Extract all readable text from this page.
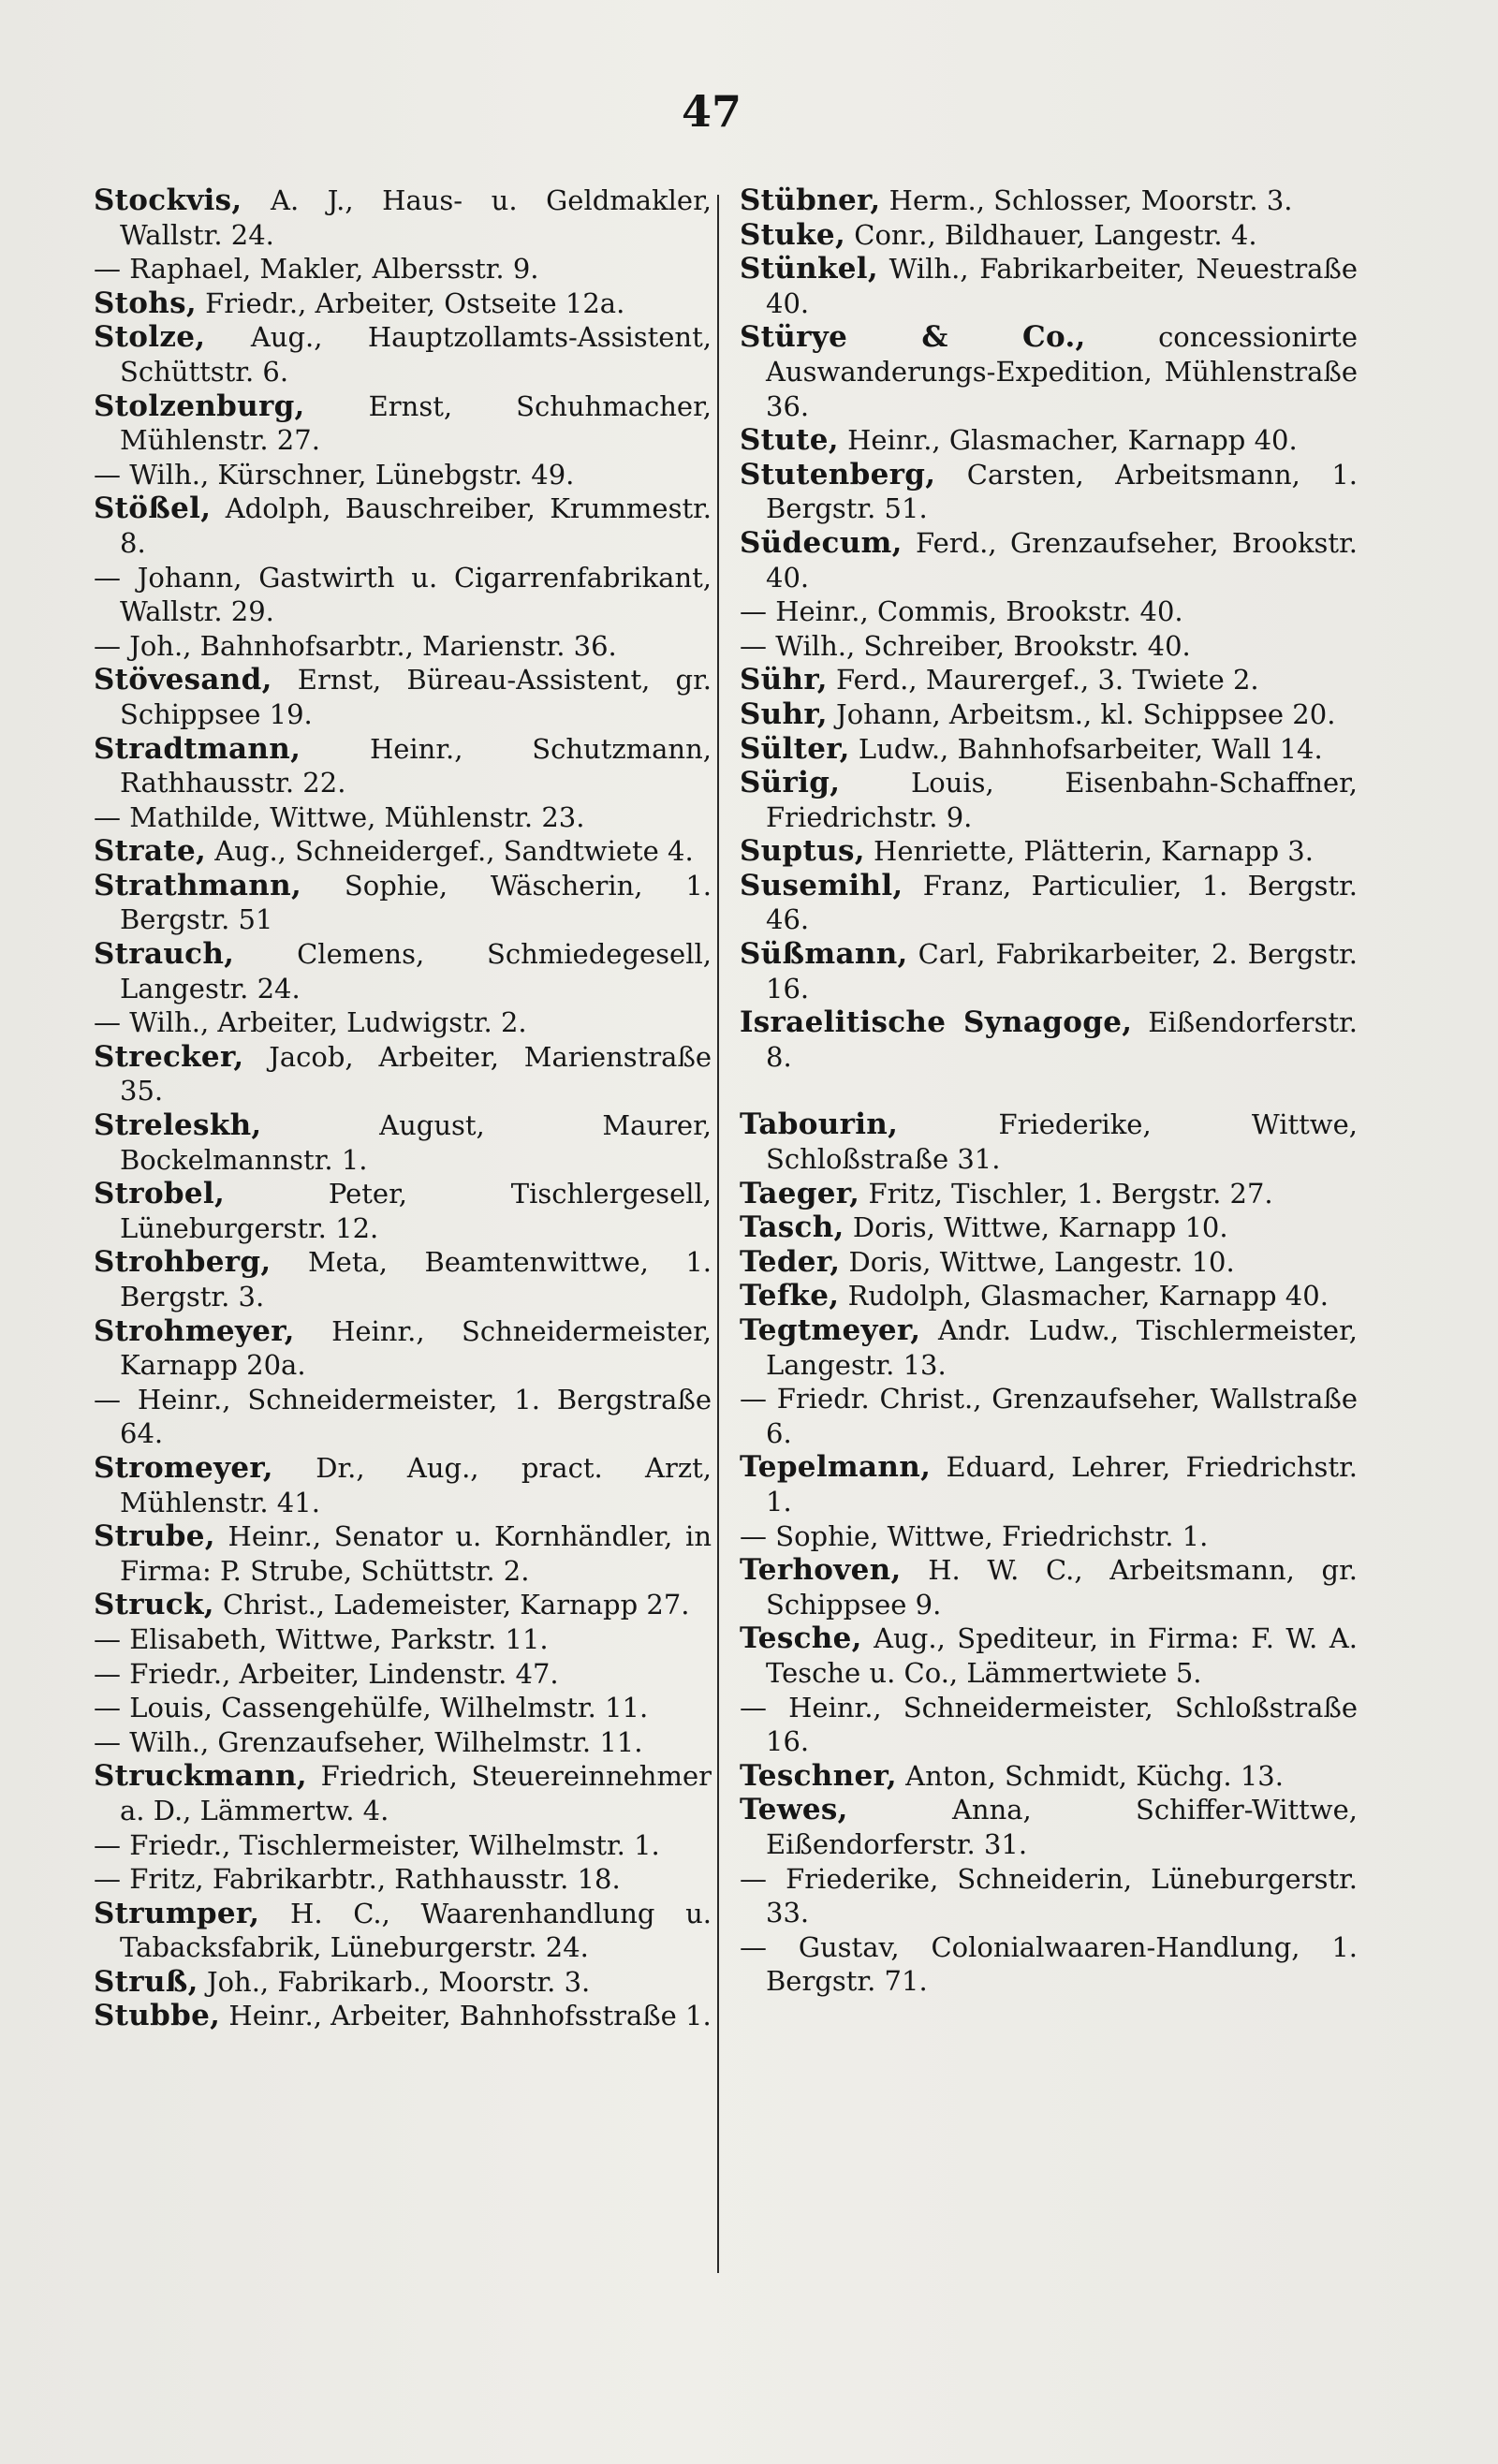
47
Stockvis, A. J., Haus- u. Geldmakler, Wallstr. 24.
— Raphael, Makler, Albersstr. 9.
Stohs, Friedr., Arbeiter, Ostseite 12a.
Stolze, Aug., Hauptzollamts-Assistent, Schüttstr. 6.
Stolzenburg, Ernst, Schuhmacher, Mühlenstr. 27.
— Wilh., Kürschner, Lünebgstr. 49.
Stößel, Adolph, Bauschreiber, Krummestr. 8.
— Johann, Gastwirth u. Cigarrenfabrikant, Wallstr. 29.
— Joh., Bahnhofsarbtr., Marienstr. 36.
Stövesand, Ernst, Büreau-Assistent, gr. Schippsee 19.
Stradtmann, Heinr., Schutzmann, Rathhausstr. 22.
— Mathilde, Wittwe, Mühlenstr. 23.
Strate, Aug., Schneidergef., Sandtwiete 4.
Strathmann, Sophie, Wäscherin, 1. Bergstr. 51
Strauch, Clemens, Schmiedegesell, Langestr. 24.
— Wilh., Arbeiter, Ludwigstr. 2.
Strecker, Jacob, Arbeiter, Marienstraße 35.
Streleskh, August, Maurer, Bockelmannstr. 1.
Strobel, Peter, Tischlergesell, Lüneburgerstr. 12.
Strohberg, Meta, Beamtenwittwe, 1. Bergstr. 3.
Strohmeyer, Heinr., Schneidermeister, Karnapp 20a.
— Heinr., Schneidermeister, 1. Bergstraße 64.
Stromeyer, Dr., Aug., pract. Arzt, Mühlenstr. 41.
Strube, Heinr., Senator u. Kornhändler, in Firma: P. Strube, Schüttstr. 2.
Struck, Christ., Lademeister, Karnapp 27.
— Elisabeth, Wittwe, Parkstr. 11.
— Friedr., Arbeiter, Lindenstr. 47.
— Louis, Cassengehülfe, Wilhelmstr. 11.
— Wilh., Grenzaufseher, Wilhelmstr. 11.
Struckmann, Friedrich, Steuereinnehmer a. D., Lämmertw. 4.
— Friedr., Tischlermeister, Wilhelmstr. 1.
— Fritz, Fabrikarbtr., Rathhausstr. 18.
Strumper, H. C., Waarenhandlung u. Tabacksfabrik, Lüneburgerstr. 24.
Struß, Joh., Fabrikarb., Moorstr. 3.
Stubbe, Heinr., Arbeiter, Bahnhofsstraße 1.
Stübner, Herm., Schlosser, Moorstr. 3.
Stuke, Conr., Bildhauer, Langestr. 4.
Stünkel, Wilh., Fabrikarbeiter, Neuestraße 40.
Stürye & Co., concessionirte Auswanderungs-Expedition, Mühlenstraße 36.
Stute, Heinr., Glasmacher, Karnapp 40.
Stutenberg, Carsten, Arbeitsmann, 1. Bergstr. 51.
Südecum, Ferd., Grenzaufseher, Brookstr. 40.
— Heinr., Commis, Brookstr. 40.
— Wilh., Schreiber, Brookstr. 40.
Sühr, Ferd., Maurergef., 3. Twiete 2.
Suhr, Johann, Arbeitsm., kl. Schippsee 20.
Sülter, Ludw., Bahnhofsarbeiter, Wall 14.
Sürig, Louis, Eisenbahn-Schaffner, Friedrichstr. 9.
Suptus, Henriette, Plätterin, Karnapp 3.
Susemihl, Franz, Particulier, 1. Bergstr. 46.
Süßmann, Carl, Fabrikarbeiter, 2. Bergstr. 16.
Israelitische Synagoge, Eißendorferstr. 8.
Tabourin, Friederike, Wittwe, Schloßstraße 31.
Taeger, Fritz, Tischler, 1. Bergstr. 27.
Tasch, Doris, Wittwe, Karnapp 10.
Teder, Doris, Wittwe, Langestr. 10.
Tefke, Rudolph, Glasmacher, Karnapp 40.
Tegtmeyer, Andr. Ludw., Tischlermeister, Langestr. 13.
— Friedr. Christ., Grenzaufseher, Wallstraße 6.
Tepelmann, Eduard, Lehrer, Friedrichstr. 1.
— Sophie, Wittwe, Friedrichstr. 1.
Terhoven, H. W. C., Arbeitsmann, gr. Schippsee 9.
Tesche, Aug., Spediteur, in Firma: F. W. A. Tesche u. Co., Lämmertwiete 5.
— Heinr., Schneidermeister, Schloßstraße 16.
Teschner, Anton, Schmidt, Küchg. 13.
Tewes, Anna, Schiffer-Wittwe, Eißendorferstr. 31.
— Friederike, Schneiderin, Lüneburgerstr. 33.
— Gustav, Colonialwaaren-Handlung, 1. Bergstr. 71.
